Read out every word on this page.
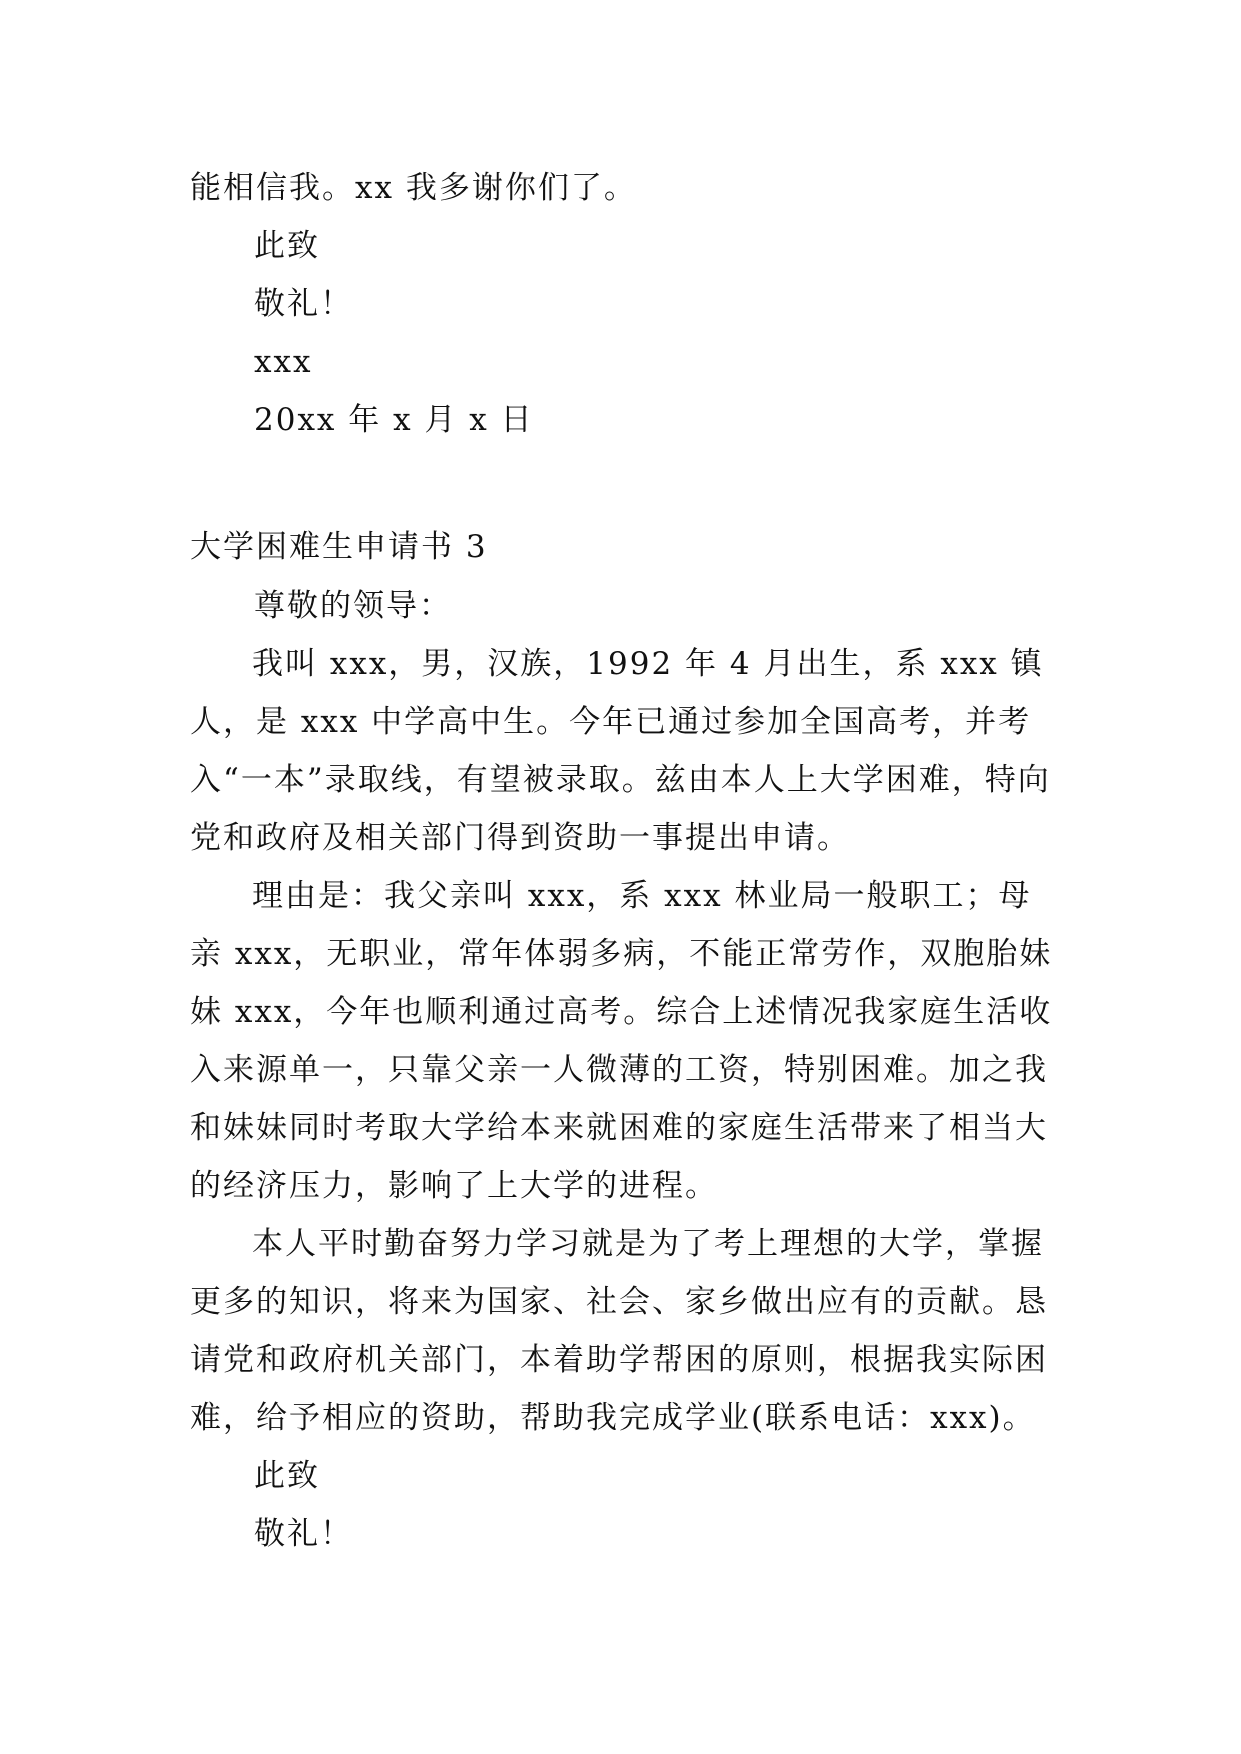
能相信我。xx 我多谢你们了。

此致

敬礼！

xxx

20xx 年 x 月 x 日

大学困难生申请书 3

尊敬的领导：

我叫 xxx，男，汉族，1992 年 4 月出生，系 xxx 镇人，是 xxx 中学高中生。今年已通过参加全国高考，并考入“一本”录取线，有望被录取。兹由本人上大学困难，特向党和政府及相关部门得到资助一事提出申请。

理由是：我父亲叫 xxx，系 xxx 林业局一般职工；母亲 xxx，无职业，常年体弱多病，不能正常劳作，双胞胎妹妹 xxx，今年也顺利通过高考。综合上述情况我家庭生活收入来源单一，只靠父亲一人微薄的工资，特别困难。加之我和妹妹同时考取大学给本来就困难的家庭生活带来了相当大的经济压力，影响了上大学的进程。

本人平时勤奋努力学习就是为了考上理想的大学，掌握更多的知识，将来为国家、社会、家乡做出应有的贡献。恳请党和政府机关部门，本着助学帮困的原则，根据我实际困难，给予相应的资助，帮助我完成学业(联系电话：xxx)。

此致

敬礼！
